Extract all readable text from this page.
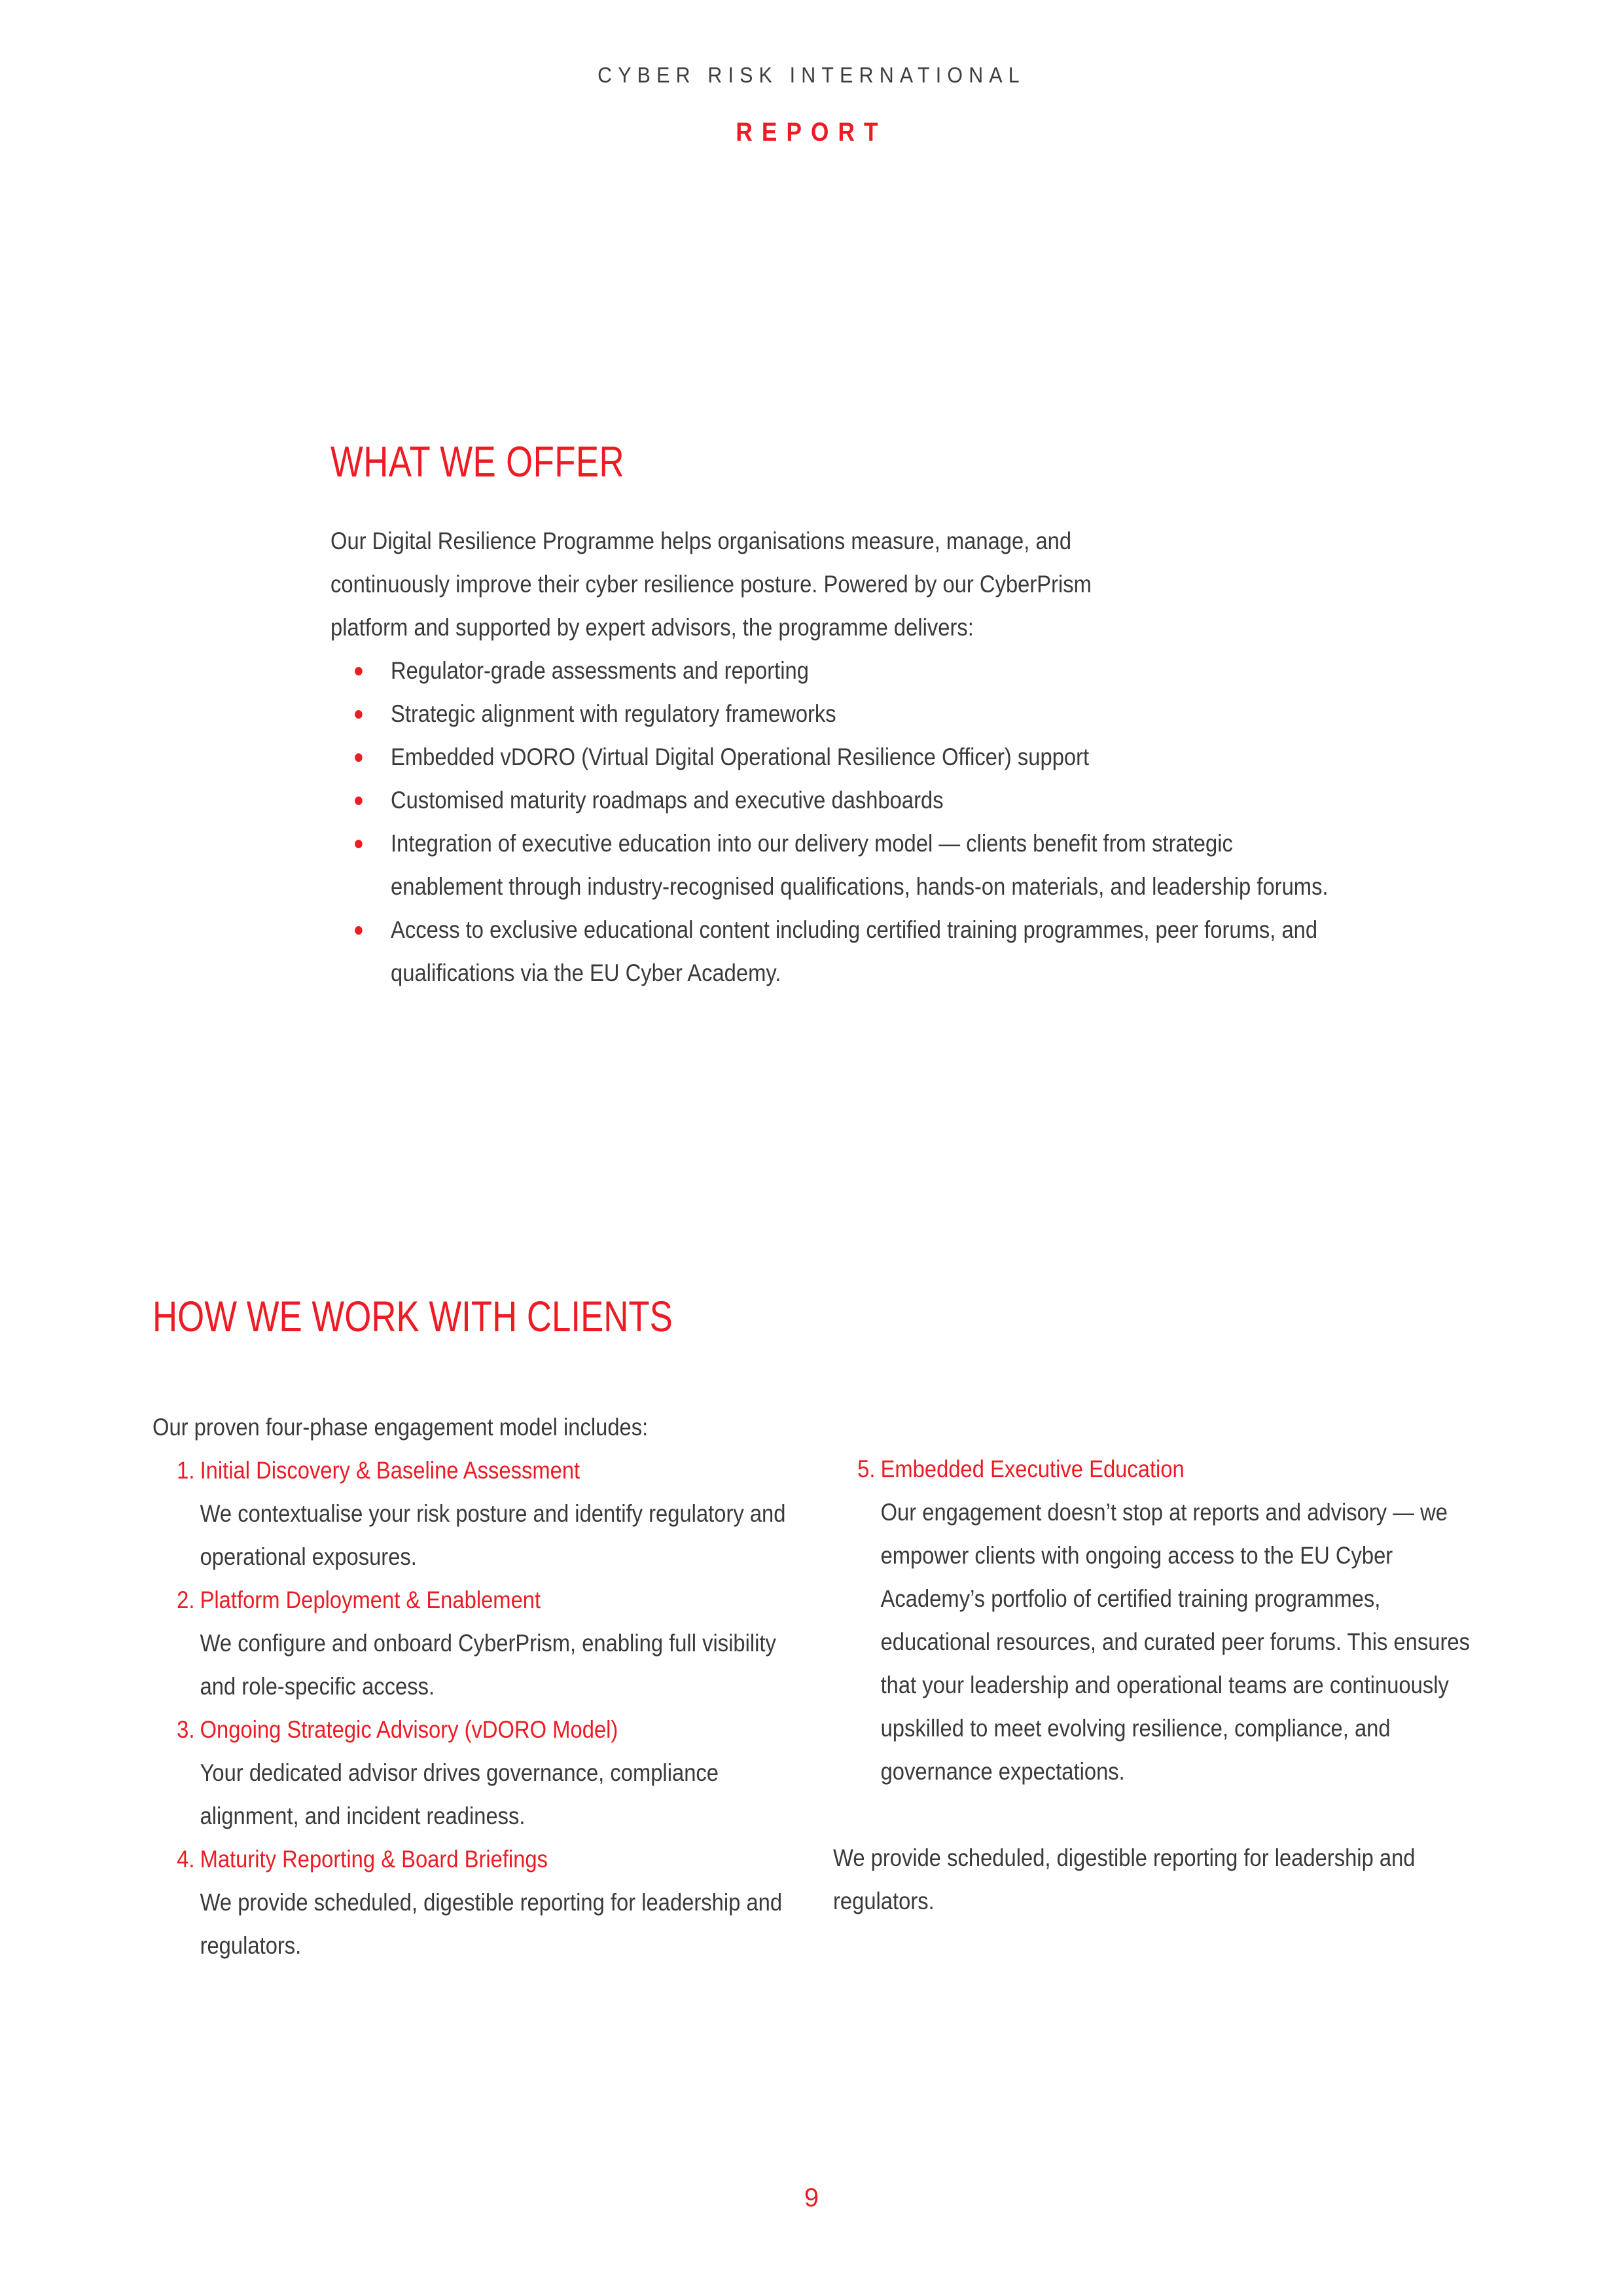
CYBER RISK INTERNATIONAL
REPORT
WHAT WE OFFER
Our Digital Resilience Programme helps organisations measure, manage, and continuously improve their cyber resilience posture. Powered by our CyberPrism platform and supported by expert advisors, the programme delivers:
Regulator-grade assessments and reporting
Strategic alignment with regulatory frameworks
Embedded vDORO (Virtual Digital Operational Resilience Officer) support
Customised maturity roadmaps and executive dashboards
Integration of executive education into our delivery model — clients benefit from strategic enablement through industry-recognised qualifications, hands-on materials, and leadership forums.
Access to exclusive educational content including certified training programmes, peer forums, and qualifications via the EU Cyber Academy.
HOW WE WORK WITH CLIENTS
Our proven four-phase engagement model includes:
1. Initial Discovery & Baseline Assessment
We contextualise your risk posture and identify regulatory and operational exposures.
2. Platform Deployment & Enablement
We configure and onboard CyberPrism, enabling full visibility and role-specific access.
3. Ongoing Strategic Advisory (vDORO Model)
Your dedicated advisor drives governance, compliance alignment, and incident readiness.
4. Maturity Reporting & Board Briefings
We provide scheduled, digestible reporting for leadership and regulators.
5. Embedded Executive Education
Our engagement doesn’t stop at reports and advisory — we empower clients with ongoing access to the EU Cyber Academy’s portfolio of certified training programmes, educational resources, and curated peer forums. This ensures that your leadership and operational teams are continuously upskilled to meet evolving resilience, compliance, and governance expectations.
We provide scheduled, digestible reporting for leadership and regulators.
9
